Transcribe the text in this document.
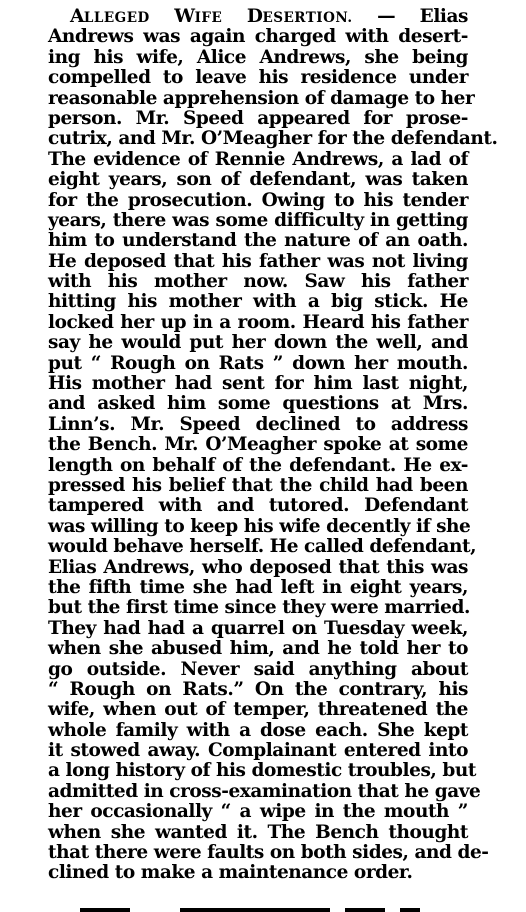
ALLEGED WIFE DESERTION. — Elias
Andrews was again charged with desert-
ing his wife, Alice Andrews, she being
compelled to leave his residence under
reasonable apprehension of damage to her
person. Mr. Speed appeared for prose-
cutrix, and Mr. O’Meagher for the defendant.
The evidence of Rennie Andrews, a lad of
eight years, son of defendant, was taken
for the prosecution. Owing to his tender
years, there was some difficulty in getting
him to understand the nature of an oath.
He deposed that his father was not living
with his mother now. Saw his father
hitting his mother with a big stick. He
locked her up in a room. Heard his father
say he would put her down the well, and
put “ Rough on Rats ” down her mouth.
His mother had sent for him last night,
and asked him some questions at Mrs.
Linn’s. Mr. Speed declined to address
the Bench. Mr. O’Meagher spoke at some
length on behalf of the defendant. He ex-
pressed his belief that the child had been
tampered with and tutored. Defendant
was willing to keep his wife decently if she
would behave herself. He called defendant,
Elias Andrews, who deposed that this was
the fifth time she had left in eight years,
but the first time since they were married.
They had had a quarrel on Tuesday week,
when she abused him, and he told her to
go outside. Never said anything about
“ Rough on Rats.” On the contrary, his
wife, when out of temper, threatened the
whole family with a dose each. She kept
it stowed away. Complainant entered into
a long history of his domestic troubles, but
admitted in cross-examination that he gave
her occasionally “ a wipe in the mouth ”
when she wanted it. The Bench thought
that there were faults on both sides, and de-
clined to make a maintenance order.
